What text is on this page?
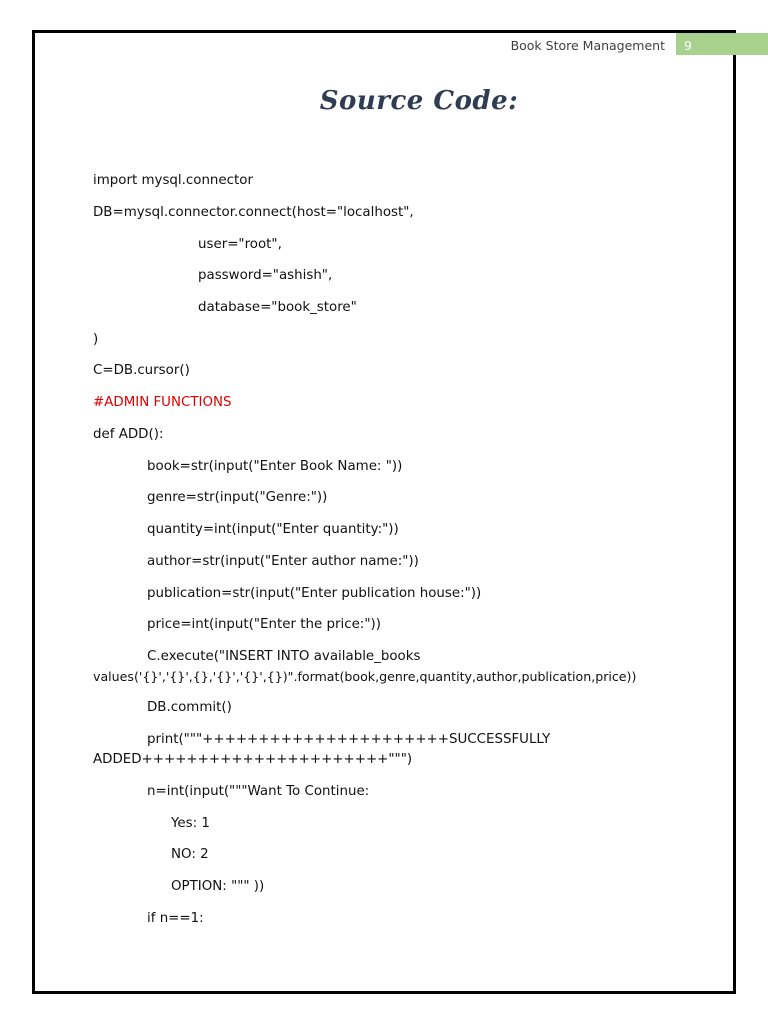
Book Store Management 9
Source Code:
import mysql.connector
DB=mysql.connector.connect(host="localhost",
user="root",
password="ashish",
database="book_store"
)
C=DB.cursor()
#ADMIN FUNCTIONS
def ADD():
book=str(input("Enter Book Name: "))
genre=str(input("Genre:"))
quantity=int(input("Enter quantity:"))
author=str(input("Enter author name:"))
publication=str(input("Enter publication house:"))
price=int(input("Enter the price:"))
C.execute("INSERT INTO available_books
values('{}','{}',{},'{}','{}',{})".format(book,genre,quantity,author,publication,price))
DB.commit()
print("""++++++++++++++++++++++SUCCESSFULLY
ADDED++++++++++++++++++++++""")
n=int(input("""Want To Continue:
Yes: 1
NO: 2
OPTION: """ ))
if n==1:
